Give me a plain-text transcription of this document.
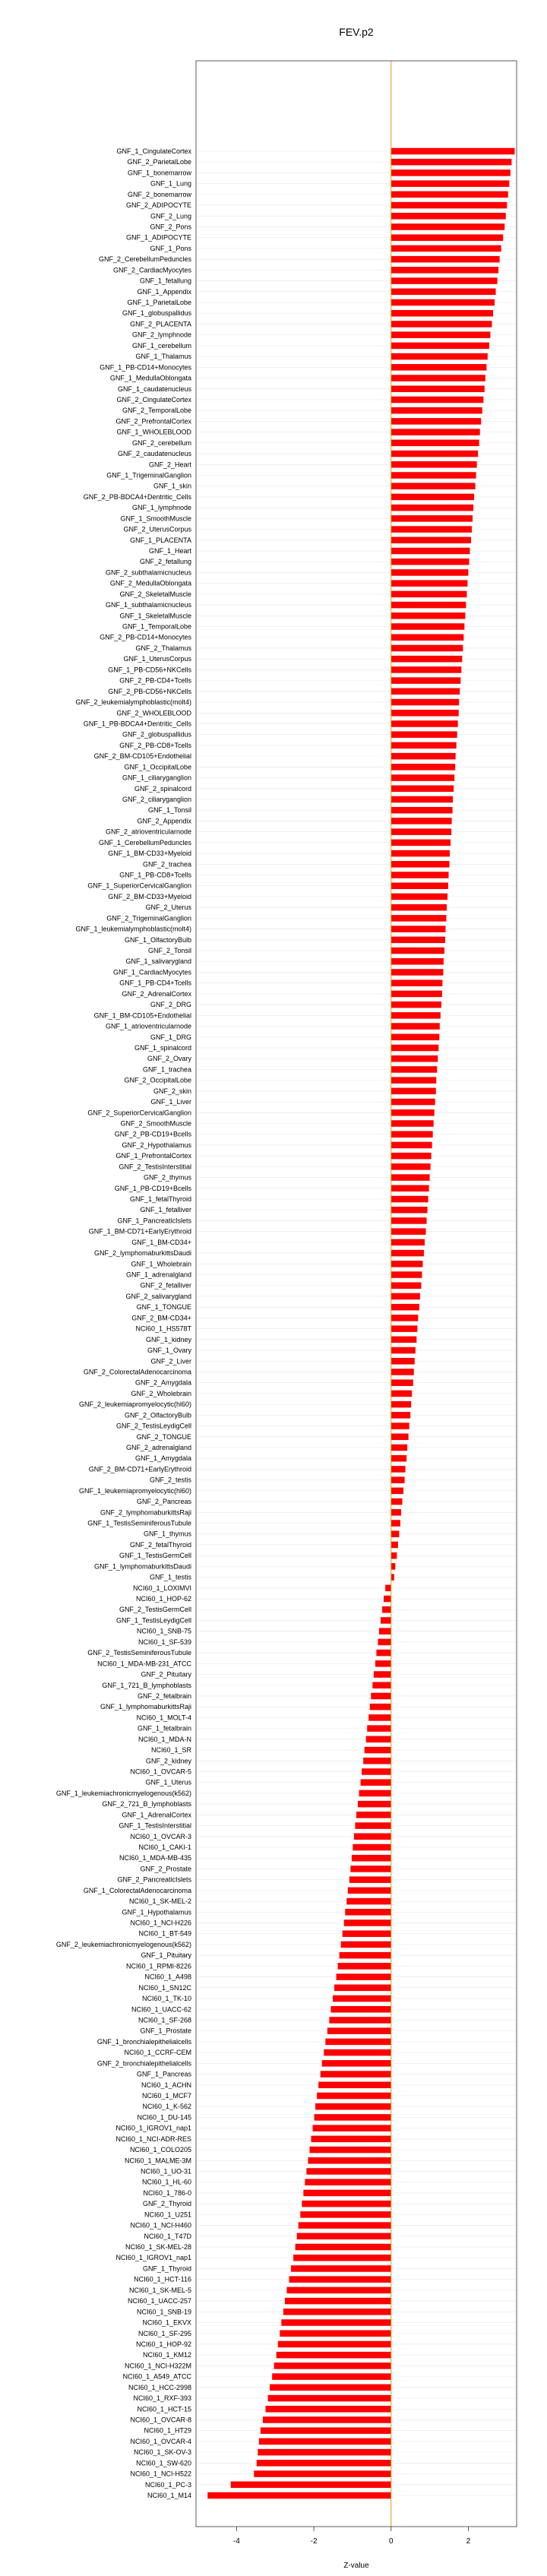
FEV.p2
GNF_1_CingulateCortex
GNF_2_ParietalLobe
GNF_1_bonemarrow
GNF_1_Lung
GNF_2_bonemarrow
GNF_2_ADIPOCYTE
GNF_2_Lung
GNF_2_Pons
GNF_1_ADIPOCYTE
GNF_1_Pons
GNF_2_CerebellumPeduncles
GNF_2_CardiacMyocytes
GNF_1_fetallung
GNF_1_Appendix
GNF_1_ParietalLobe
GNF_1_globuspallidus
GNF_2_PLACENTA
GNF_2_lymphnode
GNF_1_cerebellum
GNF_1_Thalamus
GNF_1_PB-CD14+Monocytes
GNF_1_MedullaOblongata
GNF_1_caudatenucleus
GNF_2_CingulateCortex
GNF_2_TemporalLobe
GNF_2_PrefrontalCortex
GNF_1_WHOLEBLOOD
GNF_2_cerebellum
GNF_2_caudatenucleus
GNF_2_Heart
GNF_1_TrigeminalGanglion
GNF_1_skin
GNF_2_PB-BDCA4+Dentritic_Cells
GNF_1_lymphnode
GNF_1_SmoothMuscle
GNF_2_UterusCorpus
GNF_1_PLACENTA
GNF_1_Heart
GNF_2_fetallung
GNF_2_subthalamicnucleus
GNF_2_MedullaOblongata
GNF_2_SkeletalMuscle
GNF_1_subthalamicnucleus
GNF_1_SkeletalMuscle
GNF_1_TemporalLobe
GNF_2_PB-CD14+Monocytes
GNF_2_Thalamus
GNF_1_UterusCorpus
GNF_1_PB-CD56+NKCells
GNF_2_PB-CD4+Tcells
GNF_2_PB-CD56+NKCells
GNF_2_leukemialymphoblastic(molt4)
GNF_2_WHOLEBLOOD
GNF_1_PB-BDCA4+Dentritic_Cells
GNF_2_globuspallidus
GNF_2_PB-CD8+Tcells
GNF_2_BM-CD105+Endothelial
GNF_1_OccipitalLobe
GNF_1_ciliaryganglion
GNF_2_spinalcord
GNF_2_ciliaryganglion
GNF_1_Tonsil
GNF_2_Appendix
GNF_2_atrioventricularnode
GNF_1_CerebellumPeduncles
GNF_1_BM-CD33+Myeloid
GNF_2_trachea
GNF_1_PB-CD8+Tcells
GNF_1_SuperiorCervicalGanglion
GNF_2_BM-CD33+Myeloid
GNF_2_Uterus
GNF_2_TrigeminalGanglion
GNF_1_leukemialymphoblastic(molt4)
GNF_1_OlfactoryBulb
GNF_2_Tonsil
GNF_1_salivarygland
GNF_1_CardiacMyocytes
GNF_1_PB-CD4+Tcells
GNF_2_AdrenalCortex
GNF_2_DRG
GNF_1_BM-CD105+Endothelial
GNF_1_atrioventricularnode
GNF_1_DRG
GNF_1_spinalcord
GNF_2_Ovary
GNF_1_trachea
GNF_2_OccipitalLobe
GNF_2_skin
GNF_1_Liver
GNF_2_SuperiorCervicalGanglion
GNF_2_SmoothMuscle
GNF_2_PB-CD19+Bcells
GNF_2_Hypothalamus
GNF_1_PrefrontalCortex
GNF_2_TestisInterstitial
GNF_2_thymus
GNF_1_PB-CD19+Bcells
GNF_1_fetalThyroid
GNF_1_fetalliver
GNF_1_PancreaticIslets
GNF_1_BM-CD71+EarlyErythroid
GNF_1_BM-CD34+
GNF_2_lymphomaburkittsDaudi
GNF_1_Wholebrain
GNF_1_adrenalgland
GNF_2_fetalliver
GNF_2_salivarygland
GNF_1_TONGUE
GNF_2_BM-CD34+
NCI60_1_HS578T
GNF_1_kidney
GNF_1_Ovary
GNF_2_Liver
GNF_2_ColorectalAdenocarcinoma
GNF_2_Amygdala
GNF_2_Wholebrain
GNF_2_leukemiapromyelocytic(hl60)
GNF_2_OlfactoryBulb
GNF_2_TestisLeydigCell
GNF_2_TONGUE
GNF_2_adrenalgland
GNF_1_Amygdala
GNF_2_BM-CD71+EarlyErythroid
GNF_2_testis
GNF_1_leukemiapromyelocytic(hl60)
GNF_2_Pancreas
GNF_2_lymphomaburkittsRaji
GNF_1_TestisSeminiferousTubule
GNF_1_thymus
GNF_2_fetalThyroid
GNF_1_TestisGermCell
GNF_1_lymphomaburkittsDaudi
GNF_1_testis
NCI60_1_LOXIMVI
NCI60_1_HOP-62
GNF_2_TestisGermCell
GNF_1_TestisLeydigCell
NCI60_1_SNB-75
NCI60_1_SF-539
GNF_2_TestisSeminiferousTubule
NCI60_1_MDA-MB-231_ATCC
GNF_2_Pituitary
GNF_1_721_B_lymphoblasts
GNF_2_fetalbrain
GNF_1_lymphomaburkittsRaji
NCI60_1_MOLT-4
GNF_1_fetalbrain
NCI60_1_MDA-N
NCI60_1_SR
GNF_2_kidney
NCI60_1_OVCAR-5
GNF_1_Uterus
GNF_1_leukemiachronicmyelogenous(k562)
GNF_2_721_B_lymphoblasts
GNF_1_AdrenalCortex
GNF_1_TestisInterstitial
NCI60_1_OVCAR-3
NCI60_1_CAKI-1
NCI60_1_MDA-MB-435
GNF_2_Prostate
GNF_2_PancreaticIslets
GNF_1_ColorectalAdenocarcinoma
NCI60_1_SK-MEL-2
GNF_1_Hypothalamus
NCI60_1_NCI-H226
NCI60_1_BT-549
GNF_2_leukemiachronicmyelogenous(k562)
GNF_1_Pituitary
NCI60_1_RPMI-8226
NCI60_1_A498
NCI60_1_SN12C
NCI60_1_TK-10
NCI60_1_UACC-62
NCI60_1_SF-268
GNF_1_Prostate
GNF_1_bronchialepithelialcells
NCI60_1_CCRF-CEM
GNF_2_bronchialepithelialcells
GNF_1_Pancreas
NCI60_1_ACHN
NCI60_1_MCF7
NCI60_1_K-562
NCI60_1_DU-145
NCI60_1_IGROV1_nap1
NCI60_1_NCI-ADR-RES
NCI60_1_COLO205
NCI60_1_MALME-3M
NCI60_1_UO-31
NCI60_1_HL-60
NCI60_1_786-0
GNF_2_Thyroid
NCI60_1_U251
NCI60_1_NCI-H460
NCI60_1_T47D
NCI60_1_SK-MEL-28
NCI60_1_IGROV1_nap1
GNF_1_Thyroid
NCI60_1_HCT-116
NCI60_1_SK-MEL-5
NCI60_1_UACC-257
NCI60_1_SNB-19
NCI60_1_EKVX
NCI60_1_SF-295
NCI60_1_HOP-92
NCI60_1_KM12
NCI60_1_NCI-H322M
NCI60_1_A549_ATCC
NCI60_1_HCC-2998
NCI60_1_RXF-393
NCI60_1_HCT-15
NCI60_1_OVCAR-8
NCI60_1_HT29
NCI60_1_OVCAR-4
NCI60_1_SK-OV-3
NCI60_1_SW-620
NCI60_1_NCI-H522
NCI60_1_PC-3
NCI60_1_M14
-4	-2	0	2
Z-value
